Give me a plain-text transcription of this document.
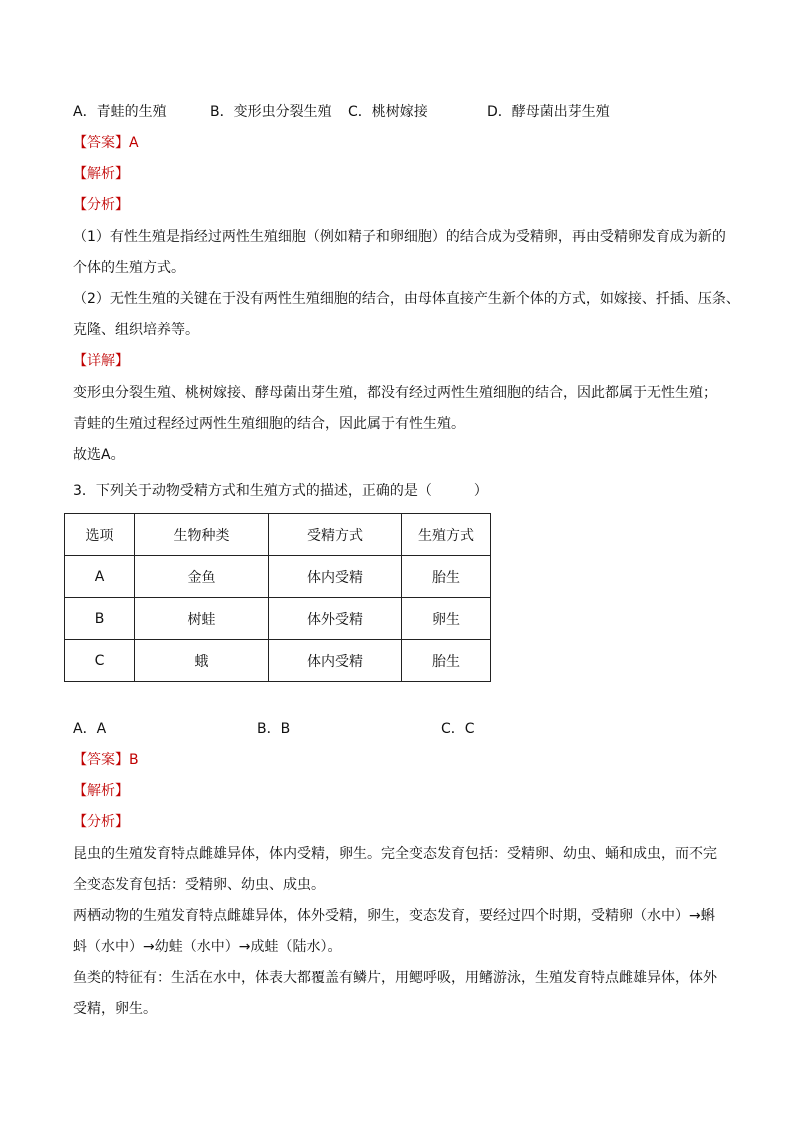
A．青蛙的生殖	B．变形虫分裂生殖 C．桃树嫁接	D．酵母菌出芽生殖
【答案】A
【解析】
【分析】
（1）有性生殖是指经过两性生殖细胞（例如精子和卵细胞）的结合成为受精卵，再由受精卵发育成为新的
个体的生殖方式。
（2）无性生殖的关键在于没有两性生殖细胞的结合，由母体直接产生新个体的方式，如嫁接、扦插、压条、
克隆、组织培养等。
【详解】
变形虫分裂生殖、桃树嫁接、酵母菌出芽生殖，都没有经过两性生殖细胞的结合，因此都属于无性生殖；
青蛙的生殖过程经过两性生殖细胞的结合，因此属于有性生殖。
故选A。
3．下列关于动物受精方式和生殖方式的描述，正确的是（　　　）
选项	生物种类	受精方式	生殖方式
A	金鱼	体内受精	胎生
B	树蛙	体外受精	卵生
C	蛾	体内受精	胎生
A．A	B．B	C．C
【答案】B
【解析】
【分析】
昆虫的生殖发育特点雌雄异体，体内受精，卵生。完全变态发育包括：受精卵、幼虫、蛹和成虫，而不完
全变态发育包括：受精卵、幼虫、成虫。
两栖动物的生殖发育特点雌雄异体，体外受精，卵生，变态发育，要经过四个时期，受精卵（水中）→蝌
蚪（水中）→幼蛙（水中）→成蛙（陆水）。
鱼类的特征有：生活在水中，体表大都覆盖有鳞片，用鳃呼吸，用鳍游泳，生殖发育特点雌雄异体，体外
受精，卵生。
